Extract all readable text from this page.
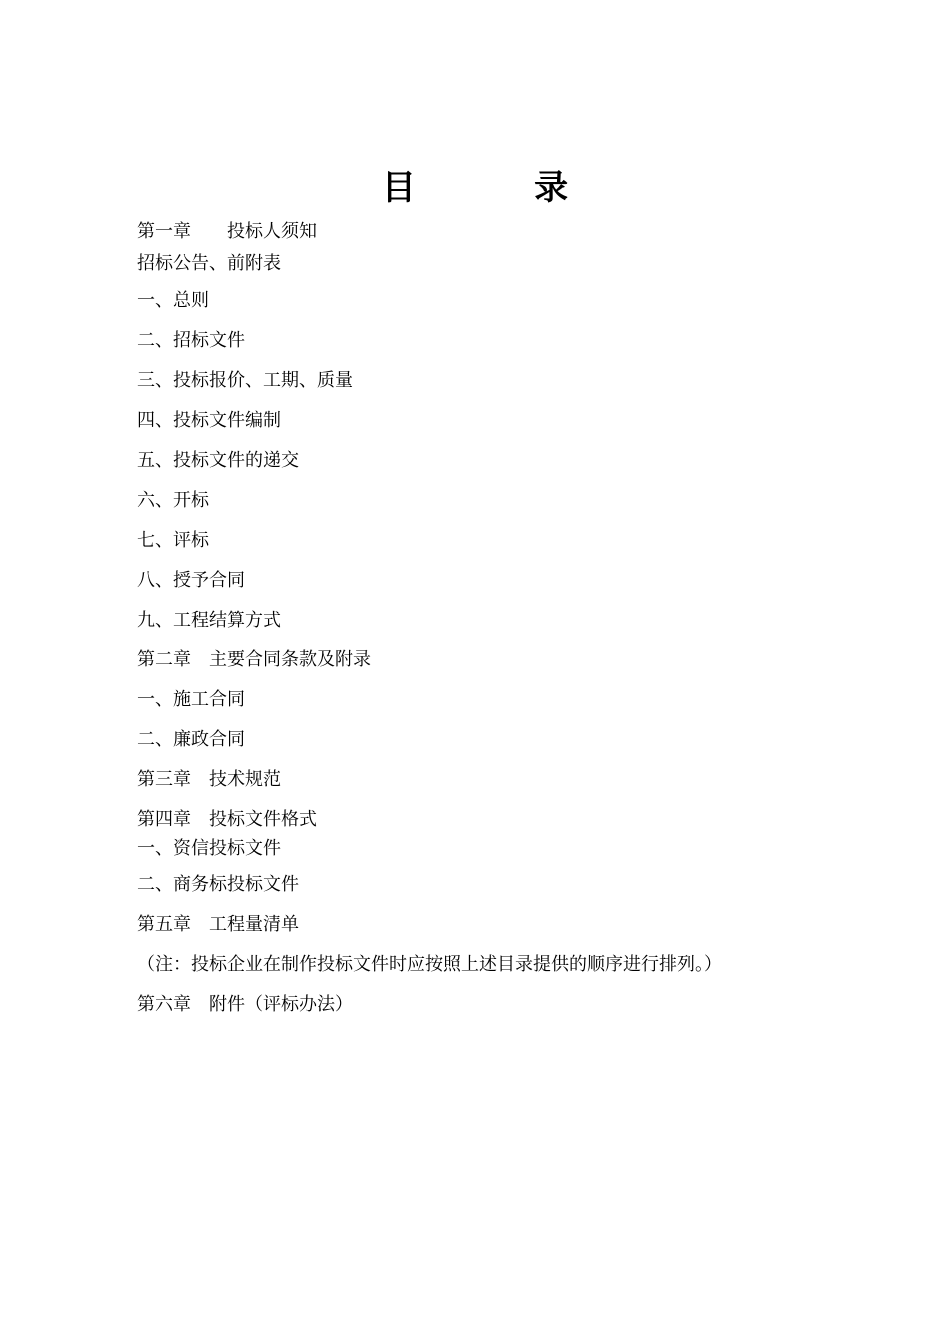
目          录
第一章　　投标人须知
招标公告、前附表
一、总则
二、招标文件
三、投标报价、工期、质量
四、投标文件编制
五、投标文件的递交
六、开标
七、评标
八、授予合同
九、工程结算方式
第二章　主要合同条款及附录
一、施工合同
二、廉政合同
第三章　技术规范
第四章　投标文件格式
一、资信投标文件
二、商务标投标文件
第五章　工程量清单
（注：投标企业在制作投标文件时应按照上述目录提供的顺序进行排列。）
第六章　附件（评标办法）
